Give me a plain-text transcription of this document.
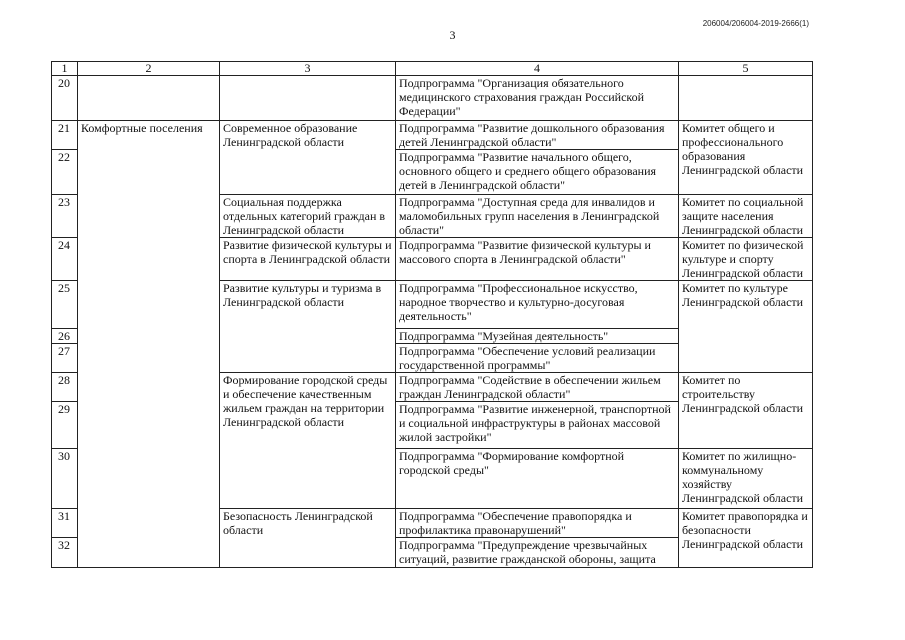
206004/206004-2019-2666(1)
3
1	2	3	4	5
20			Подпрограмма "Организация обязательного медицинского страхования граждан Российской Федерации"	
21	Комфортные поселения	Современное образование Ленинградской области	Подпрограмма "Развитие дошкольного образования детей Ленинградской области"	Комитет общего и профессионального образования Ленинградской области
22			Подпрограмма "Развитие начального общего, основного общего и среднего общего образования детей в Ленинградской области"	
23		Социальная поддержка отдельных категорий граждан в Ленинградской области	Подпрограмма "Доступная среда для инвалидов и маломобильных групп населения в Ленинградской области"	Комитет по социальной защите населения Ленинградской области
24		Развитие физической культуры и спорта в Ленинградской области	Подпрограмма "Развитие физической культуры и массового спорта в Ленинградской области"	Комитет по физической культуре и спорту Ленинградской области
25		Развитие культуры и туризма в Ленинградской области	Подпрограмма "Профессиональное искусство, народное творчество и культурно-досуговая деятельность"	Комитет по культуре Ленинградской области
26			Подпрограмма "Музейная деятельность"	
27			Подпрограмма "Обеспечение условий реализации государственной программы"	
28		Формирование городской среды и обеспечение качественным жильем граждан на территории Ленинградской области	Подпрограмма "Содействие в обеспечении жильем граждан Ленинградской области"	Комитет по строительству Ленинградской области
29			Подпрограмма "Развитие инженерной, транспортной и социальной инфраструктуры в районах массовой жилой застройки"	
30			Подпрограмма "Формирование комфортной городской среды"	Комитет по жилищно-коммунальному хозяйству Ленинградской области
31		Безопасность Ленинградской области	Подпрограмма "Обеспечение правопорядка и профилактика правонарушений"	Комитет правопорядка и безопасности Ленинградской области
32			Подпрограмма "Предупреждение чрезвычайных ситуаций, развитие гражданской обороны, защита	
